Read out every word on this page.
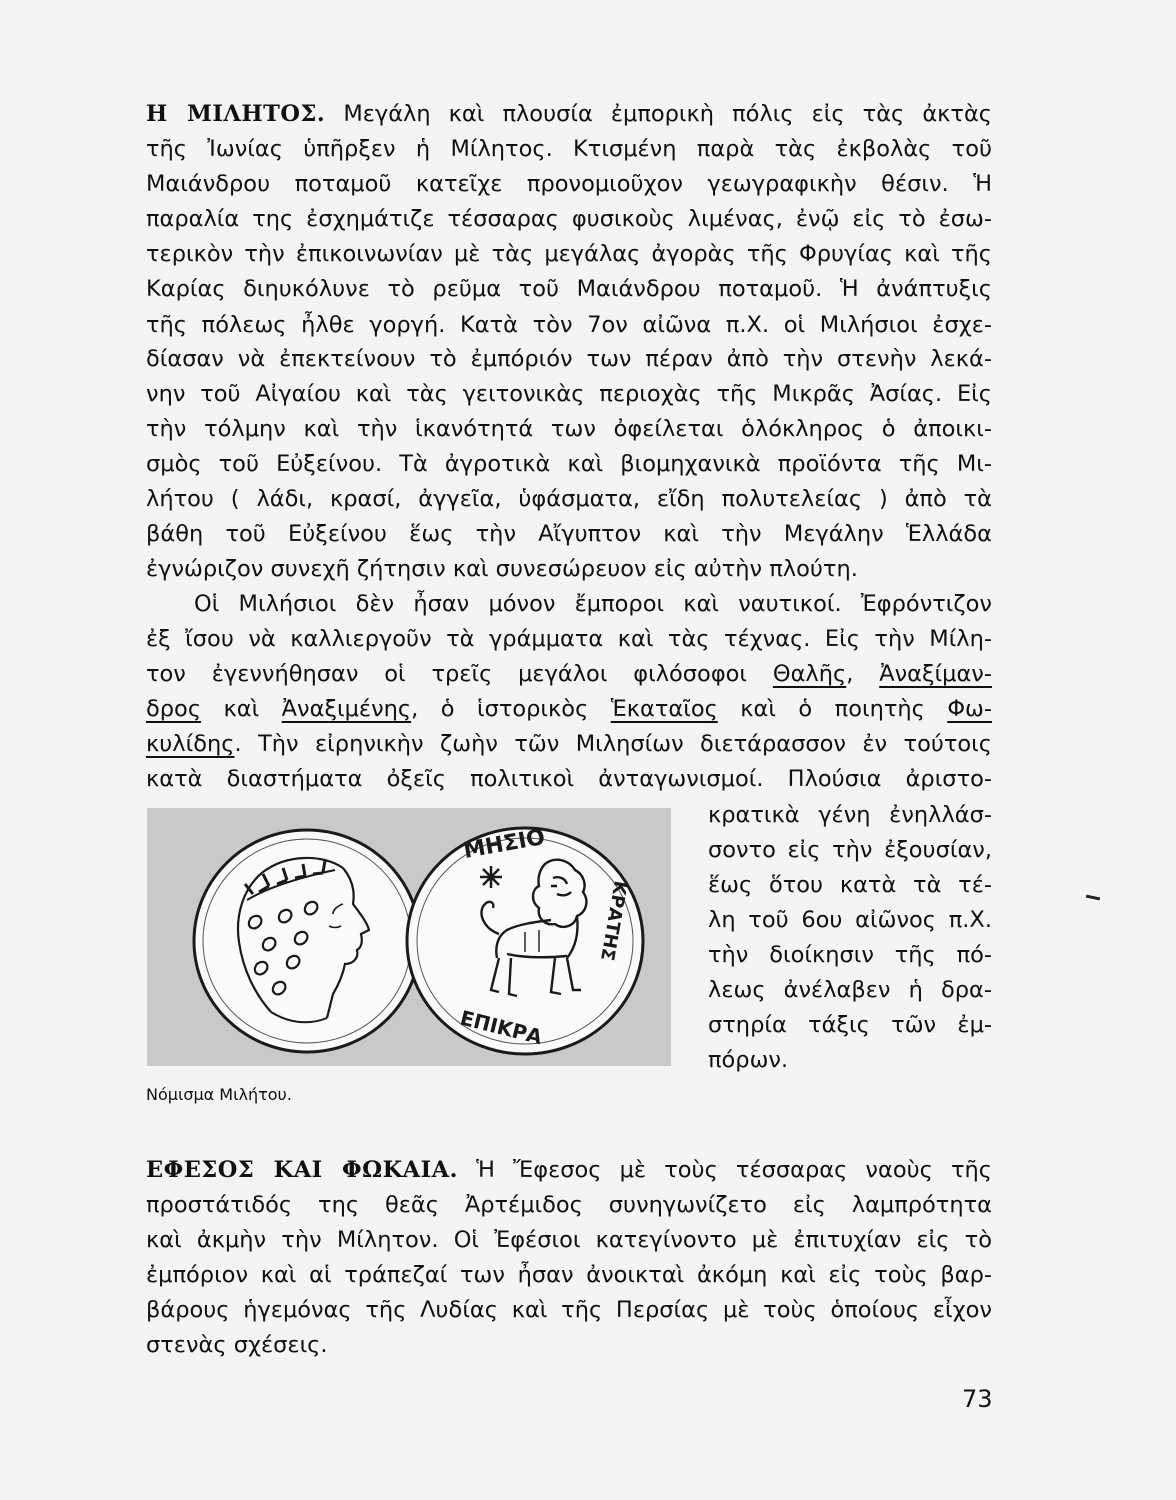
Η ΜΙΛΗΤΟΣ. Μεγάλη καὶ πλουσία ἐμπορικὴ πόλις εἰς τὰς ἀκτὰς
τῆς Ἰωνίας ὑπῆρξεν ἡ Μίλητος. Κτισμένη παρὰ τὰς ἐκβολὰς τοῦ
Μαιάνδρου ποταμοῦ κατεῖχε προνομιοῦχον γεωγραφικὴν θέσιν. Ἡ
παραλία της ἐσχημάτιζε τέσσαρας φυσικοὺς λιμένας, ἐνῷ εἰς τὸ ἐσω-
τερικὸν τὴν ἐπικοινωνίαν μὲ τὰς μεγάλας ἀγορὰς τῆς Φρυγίας καὶ τῆς
Καρίας διηυκόλυνε τὸ ρεῦμα τοῦ Μαιάνδρου ποταμοῦ. Ἡ ἀνάπτυξις
τῆς πόλεως ἦλθε γοργή. Κατὰ τὸν 7ον αἰῶνα π.Χ. οἱ Μιλήσιοι ἐσχε-
δίασαν νὰ ἐπεκτείνουν τὸ ἐμπόριόν των πέραν ἀπὸ τὴν στενὴν λεκά-
νην τοῦ Αἰγαίου καὶ τὰς γειτονικὰς περιοχὰς τῆς Μικρᾶς Ἀσίας. Εἰς
τὴν τόλμην καὶ τὴν ἱκανότητά των ὀφείλεται ὁλόκληρος ὁ ἀποικι-
σμὸς τοῦ Εὐξείνου. Τὰ ἀγροτικὰ καὶ βιομηχανικὰ προϊόντα τῆς Μι-
λήτου ( λάδι, κρασί, ἀγγεῖα, ὑφάσματα, εἴδη πολυτελείας ) ἀπὸ τὰ
βάθη τοῦ Εὐξείνου ἕως τὴν Αἴγυπτον καὶ τὴν Μεγάλην Ἑλλάδα
ἐγνώριζον συνεχῆ ζήτησιν καὶ συνεσώρευον εἰς αὐτὴν πλούτη.
Οἱ Μιλήσιοι δὲν ἦσαν μόνον ἔμποροι καὶ ναυτικοί. Ἐφρόντιζον
ἐξ ἴσου νὰ καλλιεργοῦν τὰ γράμματα καὶ τὰς τέχνας. Εἰς τὴν Μίλη-
τον ἐγεννήθησαν οἱ τρεῖς μεγάλοι φιλόσοφοι Θαλῆς, Ἀναξίμαν-
δρος καὶ Ἀναξιμένης, ὁ ἱστορικὸς Ἑκαταῖος καὶ ὁ ποιητὴς Φω-
κυλίδης. Τὴν εἰρηνικὴν ζωὴν τῶν Μιλησίων διετάρασσον ἐν τούτοις
κατὰ διαστήματα ὀξεῖς πολιτικοὶ ἀνταγωνισμοί. Πλούσια ἀριστο-
κρατικὰ γένη ἐνηλλάσ-
σοντο εἰς τὴν ἐξουσίαν,
ἕως ὅτου κατὰ τὰ τέ-
λη τοῦ 6ου αἰῶνος π.Χ.
τὴν διοίκησιν τῆς πό-
λεως ἀνέλαβεν ἡ δρα-
στηρία τάξις τῶν ἐμ-
πόρων.
ΜΗΣΙΟ
ΚΡΑΤΗΣ
ΕΠΙΚΡΑ
Νόμισμα Μιλήτου.
ΕΦΕΣΟΣ ΚΑΙ ΦΩΚΑΙΑ. Ἡ Ἔφεσος μὲ τοὺς τέσσαρας ναοὺς τῆς
προστάτιδός της θεᾶς Ἀρτέμιδος συνηγωνίζετο εἰς λαμπρότητα
καὶ ἀκμὴν τὴν Μίλητον. Οἱ Ἐφέσιοι κατεγίνοντο μὲ ἐπιτυχίαν εἰς τὸ
ἐμπόριον καὶ αἱ τράπεζαί των ἦσαν ἀνοικταὶ ἀκόμη καὶ εἰς τοὺς βαρ-
βάρους ἡγεμόνας τῆς Λυδίας καὶ τῆς Περσίας μὲ τοὺς ὁποίους εἶχον
στενὰς σχέσεις.
73
